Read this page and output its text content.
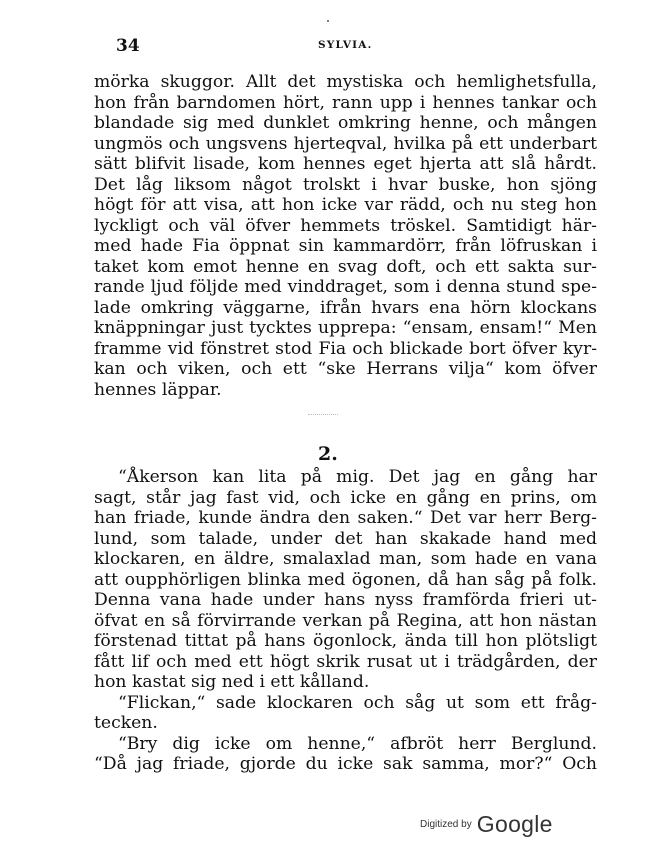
34	SYLVIA.
mörka skuggor. Allt det mystiska och hemlighetsfulla,
hon från barndomen hört, rann upp i hennes tankar och
blandade sig med dunklet omkring henne, och mången
ungmös och ungsvens hjerteqval, hvilka på ett underbart
sätt blifvit lisade, kom hennes eget hjerta att slå hårdt.
Det låg liksom något trolskt i hvar buske, hon sjöng
högt för att visa, att hon icke var rädd, och nu steg hon
lyckligt och väl öfver hemmets tröskel. Samtidigt här-
med hade Fia öppnat sin kammardörr, från löfruskan i
taket kom emot henne en svag doft, och ett sakta sur-
rande ljud följde med vinddraget, som i denna stund spe-
lade omkring väggarne, ifrån hvars ena hörn klockans
knäppningar just tycktes upprepa: “ensam, ensam!“ Men
framme vid fönstret stod Fia och blickade bort öfver kyr-
kan och viken, och ett “ske Herrans vilja“ kom öfver
hennes läppar.
2.
“Åkerson kan lita på mig. Det jag en gång har
sagt, står jag fast vid, och icke en gång en prins, om
han friade, kunde ändra den saken.“ Det var herr Berg-
lund, som talade, under det han skakade hand med
klockaren, en äldre, smalaxlad man, som hade en vana
att oupphörligen blinka med ögonen, då han såg på folk.
Denna vana hade under hans nyss framförda frieri ut-
öfvat en så förvirrande verkan på Regina, att hon nästan
förstenad tittat på hans ögonlock, ända till hon plötsligt
fått lif och med ett högt skrik rusat ut i trädgården, der
hon kastat sig ned i ett kålland.
“Flickan,“ sade klockaren och såg ut som ett fråg-
tecken.
“Bry dig icke om henne,“ afbröt herr Berglund.
“Då jag friade, gjorde du icke sak samma, mor?“ Och
Digitized by Google
